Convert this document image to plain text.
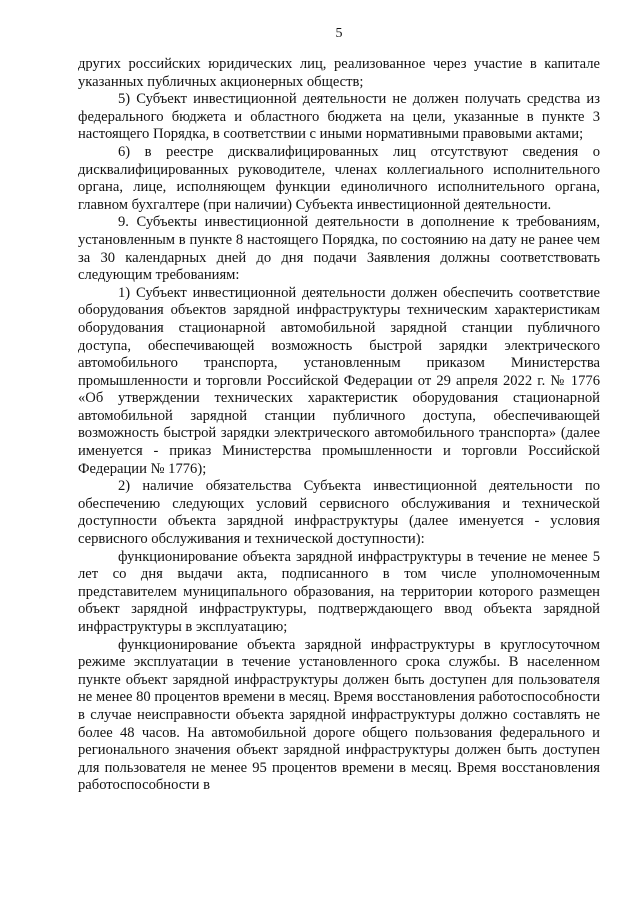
5

других российских юридических лиц, реализованное через участие в капитале указанных публичных акционерных обществ;

5) Субъект инвестиционной деятельности не должен получать средства из федерального бюджета и областного бюджета на цели, указанные в пункте 3 настоящего Порядка, в соответствии с иными нормативными правовыми актами;

6) в реестре дисквалифицированных лиц отсутствуют сведения о дисквалифицированных руководителе, членах коллегиального исполнительного органа, лице, исполняющем функции единоличного исполнительного органа, главном бухгалтере (при наличии) Субъекта инвестиционной деятельности.

9. Субъекты инвестиционной деятельности в дополнение к требованиям, установленным в пункте 8 настоящего Порядка, по состоянию на дату не ранее чем за 30 календарных дней до дня подачи Заявления должны соответствовать следующим требованиям:

1) Субъект инвестиционной деятельности должен обеспечить соответствие оборудования объектов зарядной инфраструктуры техническим характеристикам оборудования стационарной автомобильной зарядной станции публичного доступа, обеспечивающей возможность быстрой зарядки электрического автомобильного транспорта, установленным приказом Министерства промышленности и торговли Российской Федерации от 29 апреля 2022 г. № 1776 «Об утверждении технических характеристик оборудования стационарной автомобильной зарядной станции публичного доступа, обеспечивающей возможность быстрой зарядки электрического автомобильного транспорта» (далее именуется - приказ Министерства промышленности и торговли Российской Федерации № 1776);

2) наличие обязательства Субъекта инвестиционной деятельности по обеспечению следующих условий сервисного обслуживания и технической доступности объекта зарядной инфраструктуры (далее именуется - условия сервисного обслуживания и технической доступности):

функционирование объекта зарядной инфраструктуры в течение не менее 5 лет со дня выдачи акта, подписанного в том числе уполномоченным представителем муниципального образования, на территории которого размещен объект зарядной инфраструктуры, подтверждающего ввод объекта зарядной инфраструктуры в эксплуатацию;

функционирование объекта зарядной инфраструктуры в круглосуточном режиме эксплуатации в течение установленного срока службы. В населенном пункте объект зарядной инфраструктуры должен быть доступен для пользователя не менее 80 процентов времени в месяц. Время восстановления работоспособности в случае неисправности объекта зарядной инфраструктуры должно составлять не более 48 часов. На автомобильной дороге общего пользования федерального и регионального значения объект зарядной инфраструктуры должен быть доступен для пользователя не менее 95 процентов времени в месяц. Время восстановления работоспособности в
